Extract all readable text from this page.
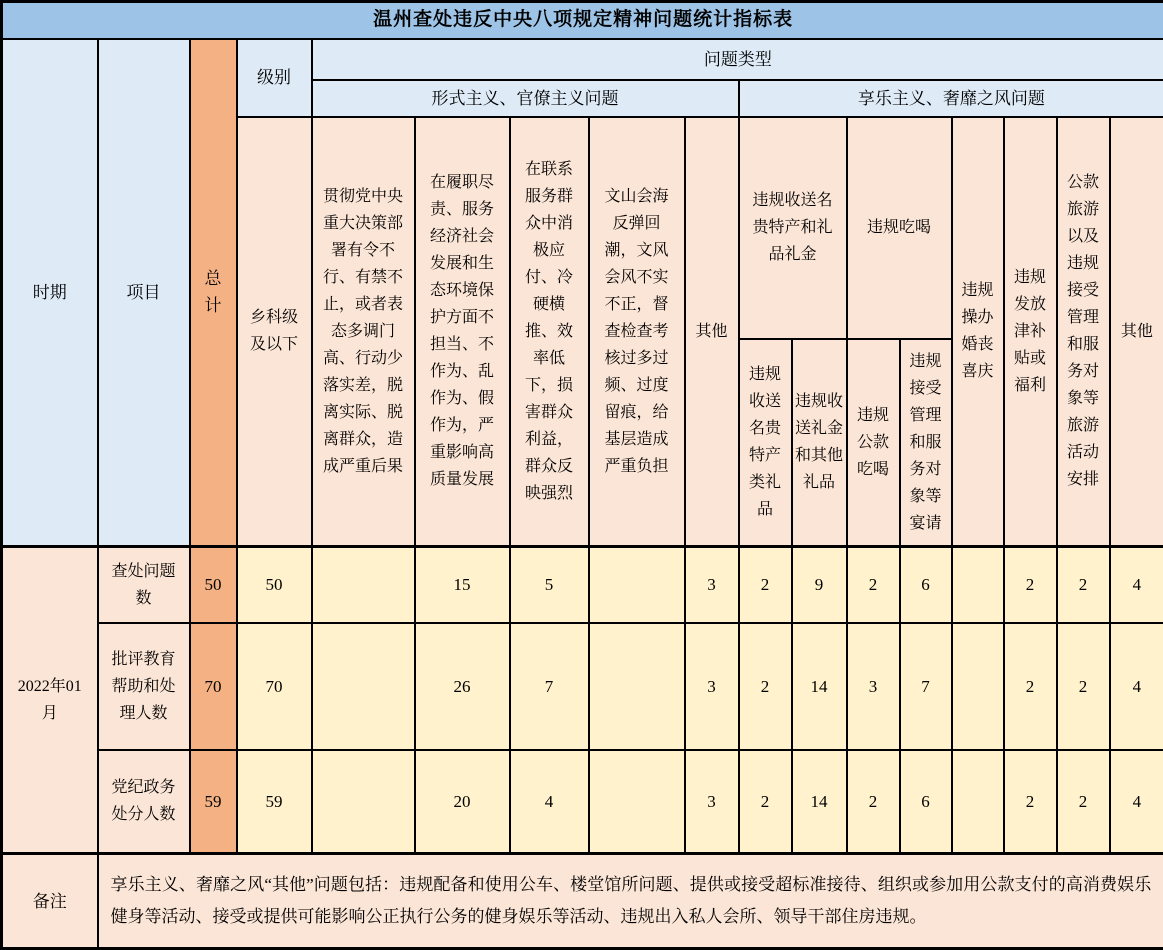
温州查处违反中央八项规定精神问题统计指标表																
时期	项目	总计	级别	问题类型												
				形式主义、官僚主义问题					享乐主义、奢靡之风问题							
			乡科级及以下	贯彻党中央重大决策部署有令不行、有禁不止，或者表态多调门高、行动少落实差，脱离实际、脱离群众，造成严重后果	在履职尽责、服务经济社会发展和生态环境保护方面不担当、不作为、乱作为、假作为，严重影响高质量发展	在联系服务群众中消极应付、冷硬横推、效率低下，损害群众利益，群众反映强烈	文山会海反弹回潮，文风会风不实不正，督查检查考核过多过频、过度留痕，给基层造成严重负担	其他	违规收送名贵特产和礼品礼金		违规吃喝		违规操办婚丧喜庆	违规发放津补贴或福利	公款旅游以及违规接受管理和服务对象等旅游活动安排	其他
									违规收送名贵特产类礼品	违规收送礼金和其他礼品	违规公款吃喝	违规接受管理和服务对象等宴请				
2022年01月	查处问题数	50	50		15	5		3	2	9	2	6		2	2	4
	批评教育帮助和处理人数	70	70		26	7		3	2	14	3	7		2	2	4
	党纪政务处分人数	59	59		20	4		3	2	14	2	6		2	2	4
备注	享乐主义、奢靡之风“其他”问题包括：违规配备和使用公车、楼堂馆所问题、提供或接受超标准接待、组织或参加用公款支付的高消费娱乐健身等活动、接受或提供可能影响公正执行公务的健身娱乐等活动、违规出入私人会所、领导干部住房违规。															
